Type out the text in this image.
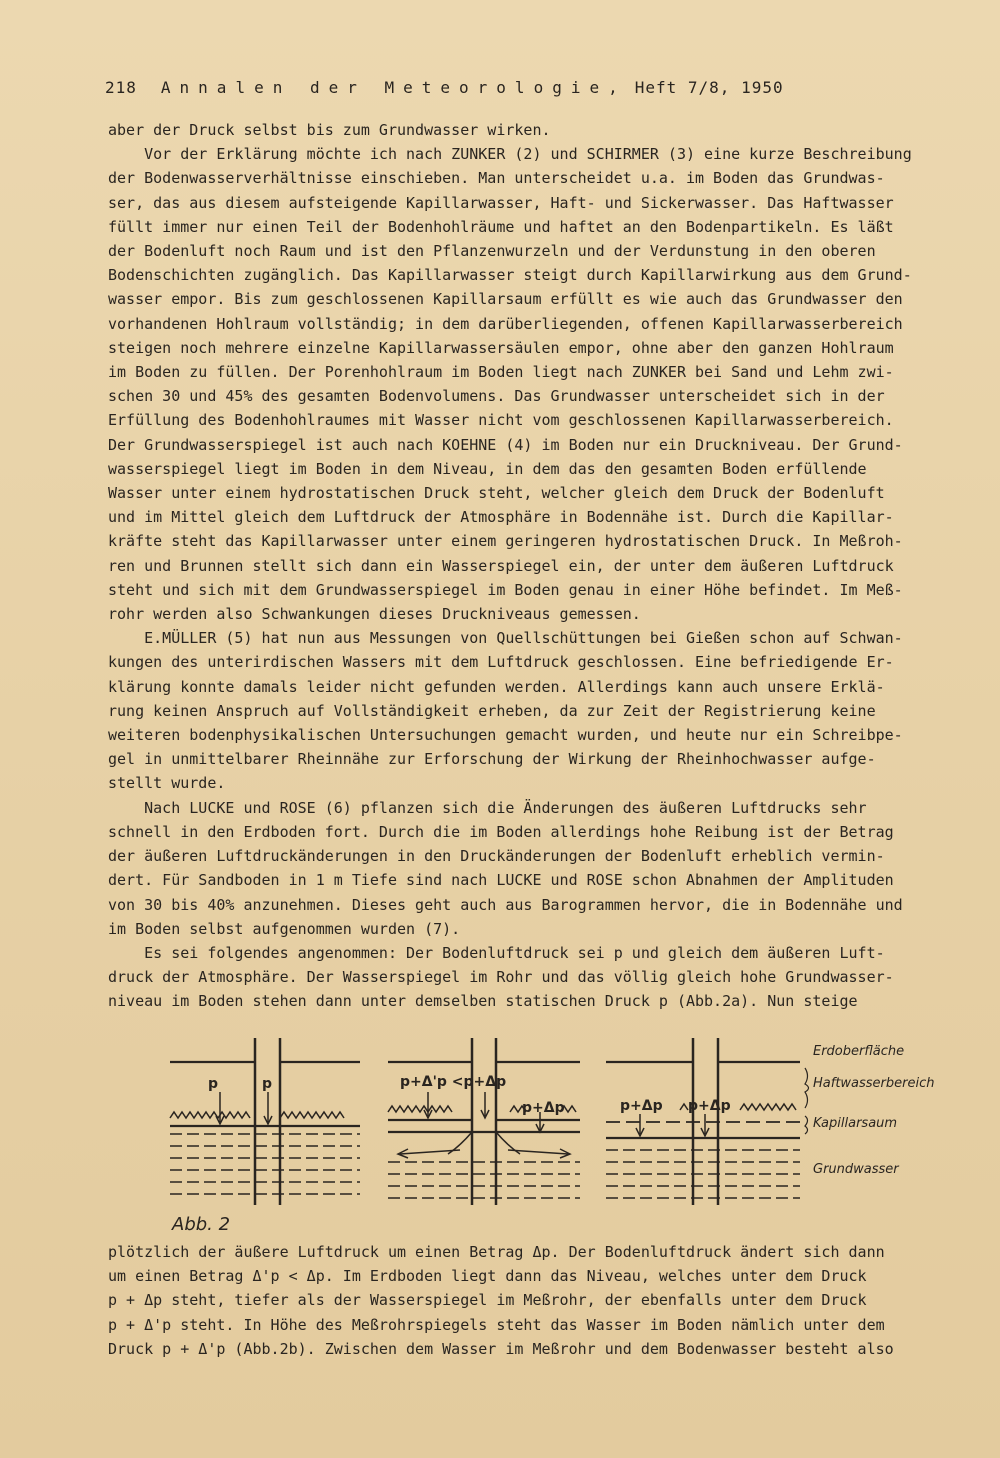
218 Annalen der Meteorologie, Heft 7/8, 1950
aber der Druck selbst bis zum Grundwasser wirken.
Vor der Erklärung möchte ich nach ZUNKER (2) und SCHIRMER (3) eine kurze Beschreibung
der Bodenwasserverhältnisse einschieben. Man unterscheidet u.a. im Boden das Grundwas-
ser, das aus diesem aufsteigende Kapillarwasser, Haft- und Sickerwasser. Das Haftwasser
füllt immer nur einen Teil der Bodenhohlräume und haftet an den Bodenpartikeln. Es läßt
der Bodenluft noch Raum und ist den Pflanzenwurzeln und der Verdunstung in den oberen
Bodenschichten zugänglich. Das Kapillarwasser steigt durch Kapillarwirkung aus dem Grund-
wasser empor. Bis zum geschlossenen Kapillarsaum erfüllt es wie auch das Grundwasser den
vorhandenen Hohlraum vollständig; in dem darüberliegenden, offenen Kapillarwasserbereich
steigen noch mehrere einzelne Kapillarwassersäulen empor, ohne aber den ganzen Hohlraum
im Boden zu füllen. Der Porenhohlraum im Boden liegt nach ZUNKER bei Sand und Lehm zwi-
schen 30 und 45% des gesamten Bodenvolumens. Das Grundwasser unterscheidet sich in der
Erfüllung des Bodenhohlraumes mit Wasser nicht vom geschlossenen Kapillarwasserbereich.
Der Grundwasserspiegel ist auch nach KOEHNE (4) im Boden nur ein Druckniveau. Der Grund-
wasserspiegel liegt im Boden in dem Niveau, in dem das den gesamten Boden erfüllende
Wasser unter einem hydrostatischen Druck steht, welcher gleich dem Druck der Bodenluft
und im Mittel gleich dem Luftdruck der Atmosphäre in Bodennähe ist. Durch die Kapillar-
kräfte steht das Kapillarwasser unter einem geringeren hydrostatischen Druck. In Meßroh-
ren und Brunnen stellt sich dann ein Wasserspiegel ein, der unter dem äußeren Luftdruck
steht und sich mit dem Grundwasserspiegel im Boden genau in einer Höhe befindet. Im Meß-
rohr werden also Schwankungen dieses Druckniveaus gemessen.
E.MÜLLER (5) hat nun aus Messungen von Quellschüttungen bei Gießen schon auf Schwan-
kungen des unterirdischen Wassers mit dem Luftdruck geschlossen. Eine befriedigende Er-
klärung konnte damals leider nicht gefunden werden. Allerdings kann auch unsere Erklä-
rung keinen Anspruch auf Vollständigkeit erheben, da zur Zeit der Registrierung keine
weiteren bodenphysikalischen Untersuchungen gemacht wurden, und heute nur ein Schreibpe-
gel in unmittelbarer Rheinnähe zur Erforschung der Wirkung der Rheinhochwasser aufge-
stellt wurde.
Nach LUCKE und ROSE (6) pflanzen sich die Änderungen des äußeren Luftdrucks sehr
schnell in den Erdboden fort. Durch die im Boden allerdings hohe Reibung ist der Betrag
der äußeren Luftdruckänderungen in den Druckänderungen der Bodenluft erheblich vermin-
dert. Für Sandboden in 1 m Tiefe sind nach LUCKE und ROSE schon Abnahmen der Amplituden
von 30 bis 40% anzunehmen. Dieses geht auch aus Barogrammen hervor, die in Bodennähe und
im Boden selbst aufgenommen wurden (7).
Es sei folgendes angenommen: Der Bodenluftdruck sei p und gleich dem äußeren Luft-
druck der Atmosphäre. Der Wasserspiegel im Rohr und das völlig gleich hohe Grundwasser-
niveau im Boden stehen dann unter demselben statischen Druck p (Abb.2a). Nun steige
p	p	p+Δ'p <p+Δp
p+Δp	p+Δp p+Δp
Erdoberfläche
Haftwasserbereich
Kapillarsaum
Grundwasser
Abb. 2
plötzlich der äußere Luftdruck um einen Betrag Δp. Der Bodenluftdruck ändert sich dann
um einen Betrag Δ'p < Δp. Im Erdboden liegt dann das Niveau, welches unter dem Druck
p + Δp steht, tiefer als der Wasserspiegel im Meßrohr, der ebenfalls unter dem Druck
p + Δ'p steht. In Höhe des Meßrohrspiegels steht das Wasser im Boden nämlich unter dem
Druck p + Δ'p (Abb.2b). Zwischen dem Wasser im Meßrohr und dem Bodenwasser besteht also
